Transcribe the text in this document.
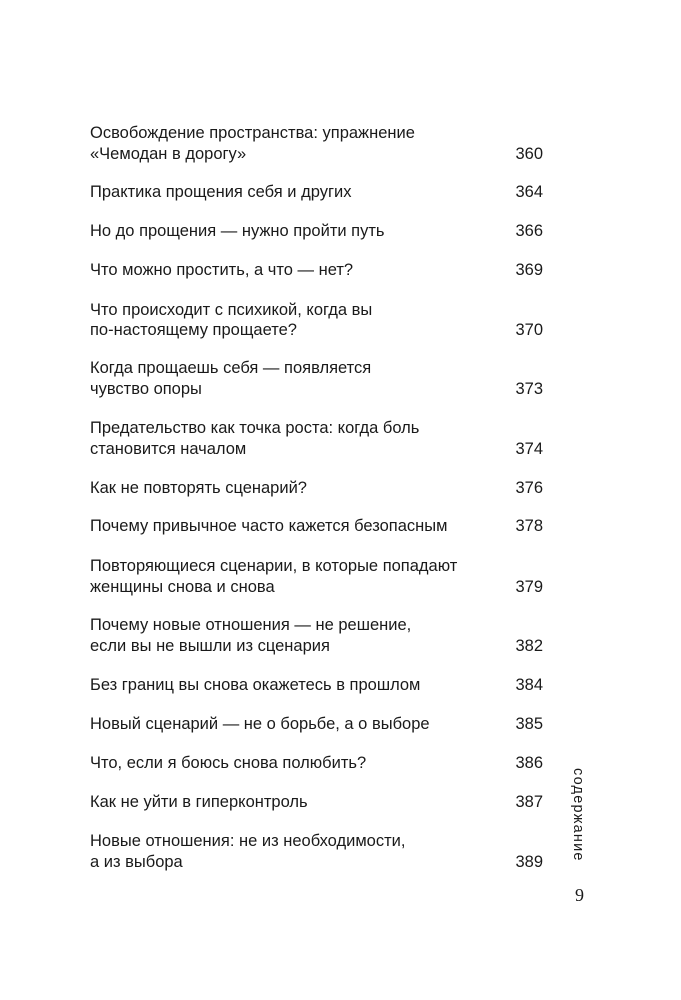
Освобождение пространства: упражнение
«Чемодан в дорогу»	360
Практика прощения себя и других	364
Но до прощения — нужно пройти путь	366
Что можно простить, а что — нет?	369
Что происходит с психикой, когда вы
по-настоящему прощаете?	370
Когда прощаешь себя — появляется
чувство опоры	373
Предательство как точка роста: когда боль
становится началом	374
Как не повторять сценарий?	376
Почему привычное часто кажется безопасным	378
Повторяющиеся сценарии, в которые попадают
женщины снова и снова	379
Почему новые отношения — не решение,
если вы не вышли из сценария	382
Без границ вы снова окажетесь в прошлом	384
Новый сценарий — не о борьбе, а о выборе	385
Что, если я боюсь снова полюбить?	386
Как не уйти в гиперконтроль	387
Новые отношения: не из необходимости,
а из выбора	389
содержание
9
